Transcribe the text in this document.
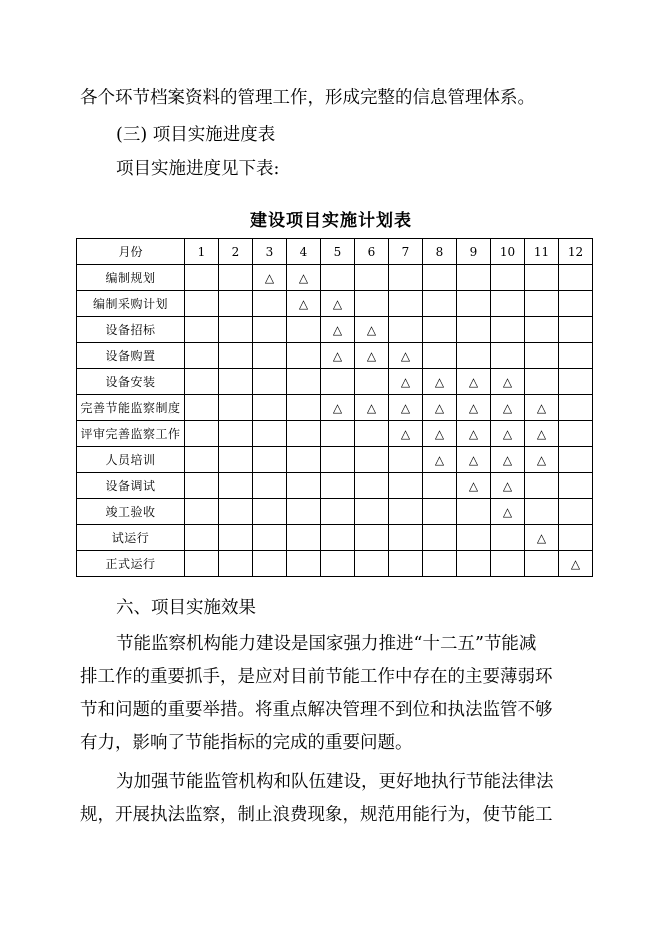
各个环节档案资料的管理工作，形成完整的信息管理体系。

(三) 项目实施进度表

项目实施进度见下表:

建设项目实施计划表
月份	1	2	3	4	5	6	7	8	9	10	11	12
编制规划			△	△								
编制采购计划				△	△							
设备招标					△	△						
设备购置					△	△	△					
设备安装							△	△	△	△		
完善节能监察制度					△	△	△	△	△	△	△	
评审完善监察工作							△	△	△	△	△	
人员培训								△	△	△	△	
设备调试									△	△		
竣工验收										△		
试运行											△	
正式运行												△

六、项目实施效果

节能监察机构能力建设是国家强力推进“十二五”节能减

排工作的重要抓手，是应对目前节能工作中存在的主要薄弱环

节和问题的重要举措。将重点解决管理不到位和执法监管不够

有力，影响了节能指标的完成的重要问题。

为加强节能监管机构和队伍建设，更好地执行节能法律法

规，开展执法监察，制止浪费现象，规范用能行为，使节能工
